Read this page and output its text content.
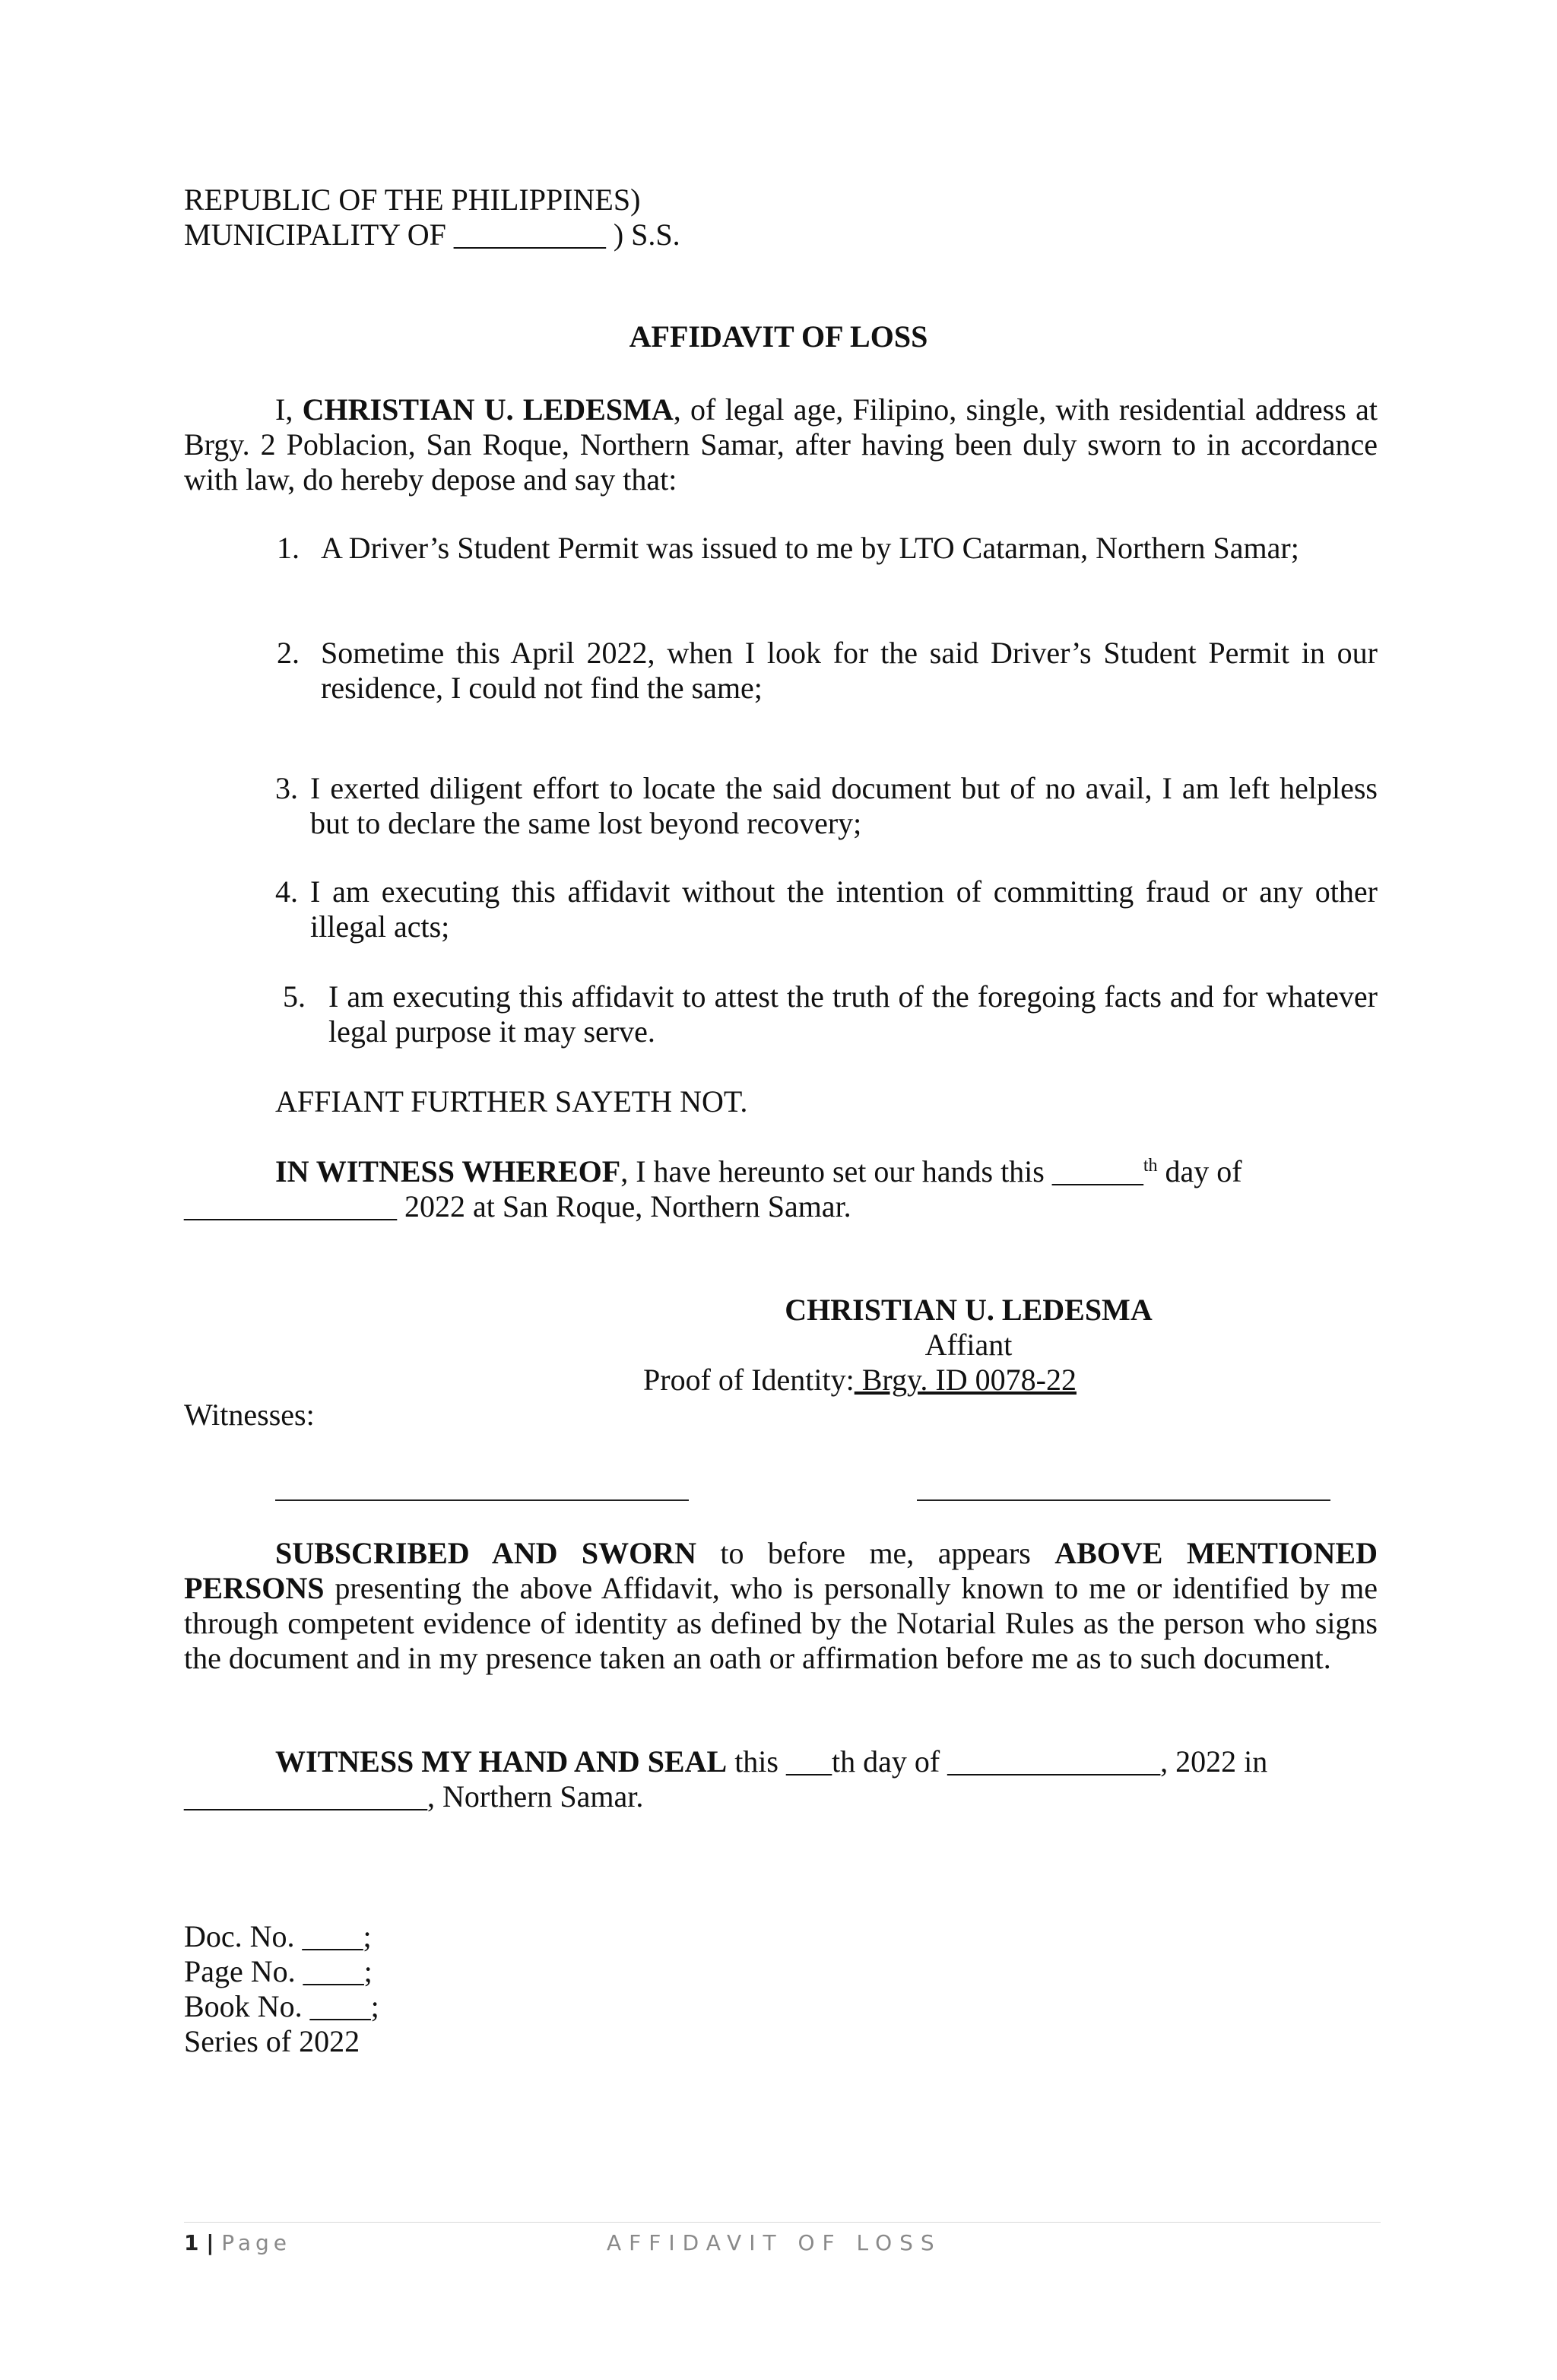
REPUBLIC OF THE PHILIPPINES)
MUNICIPALITY OF __________ ) S.S.
AFFIDAVIT OF LOSS

I, CHRISTIAN U. LEDESMA, of legal age, Filipino, single, with residential address at Brgy. 2 Poblacion, San Roque, Northern Samar, after having been duly sworn to in accordance with law, do hereby depose and say that:

1. A Driver’s Student Permit was issued to me by LTO Catarman, Northern Samar;
2. Sometime this April 2022, when I look for the said Driver’s Student Permit in our residence, I could not find the same;
3. I exerted diligent effort to locate the said document but of no avail, I am left helpless but to declare the same lost beyond recovery;
4. I am executing this affidavit without the intention of committing fraud or any other illegal acts;
5. I am executing this affidavit to attest the truth of the foregoing facts and for whatever legal purpose it may serve.
AFFIANT FURTHER SAYETH NOT.

IN WITNESS WHEREOF, I have hereunto set our hands this ______$^{th}$ day of
______________ 2022 at San Roque, Northern Samar.

CHRISTIAN U. LEDESMA
Affiant
Proof of Identity: Brgy. ID 0078-22
Witnesses:

SUBSCRIBED AND SWORN to before me, appears ABOVE MENTIONED PERSONS presenting the above Affidavit, who is personally known to me or identified by me through competent evidence of identity as defined by the Notarial Rules as the person who signs the document and in my presence taken an oath or affirmation before me as to such document.

WITNESS MY HAND AND SEAL this ___th day of ______________, 2022 in
________________, Northern Samar.

Doc. No. ____;
Page No. ____;
Book No. ____;
Series of 2022
1 | Page	AFFIDAVIT OF LOSS
